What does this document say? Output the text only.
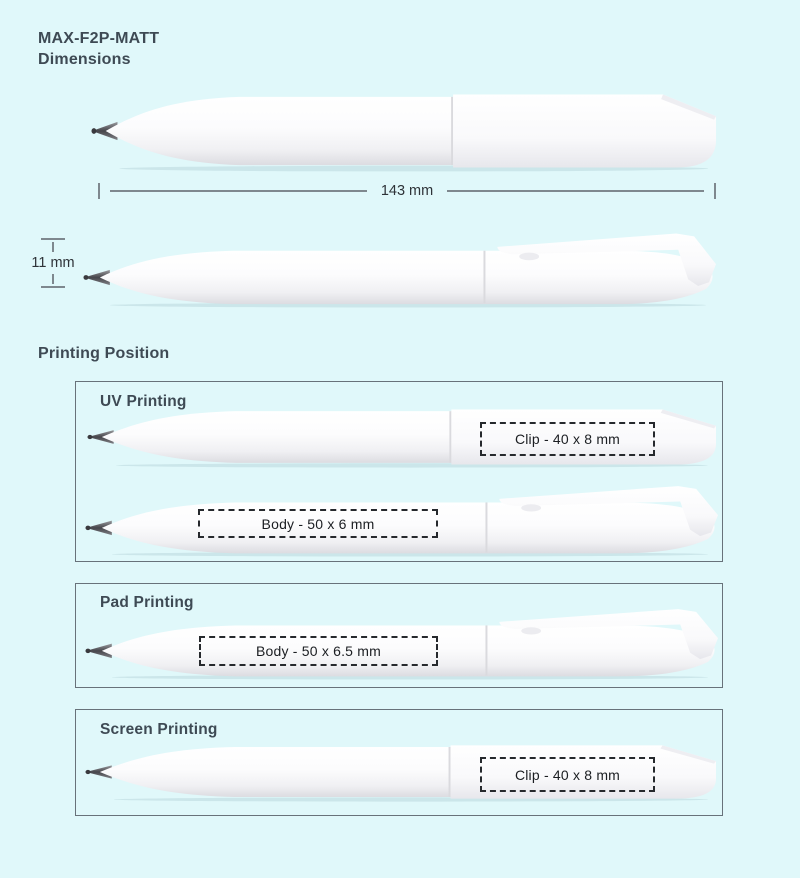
MAX-F2P-MATT
Dimensions
143 mm
11 mm
Printing Position
UV Printing
Clip - 40 x 8 mm
Body - 50 x 6 mm
Pad Printing
Body - 50 x 6.5 mm
Screen Printing
Clip - 40 x 8 mm
